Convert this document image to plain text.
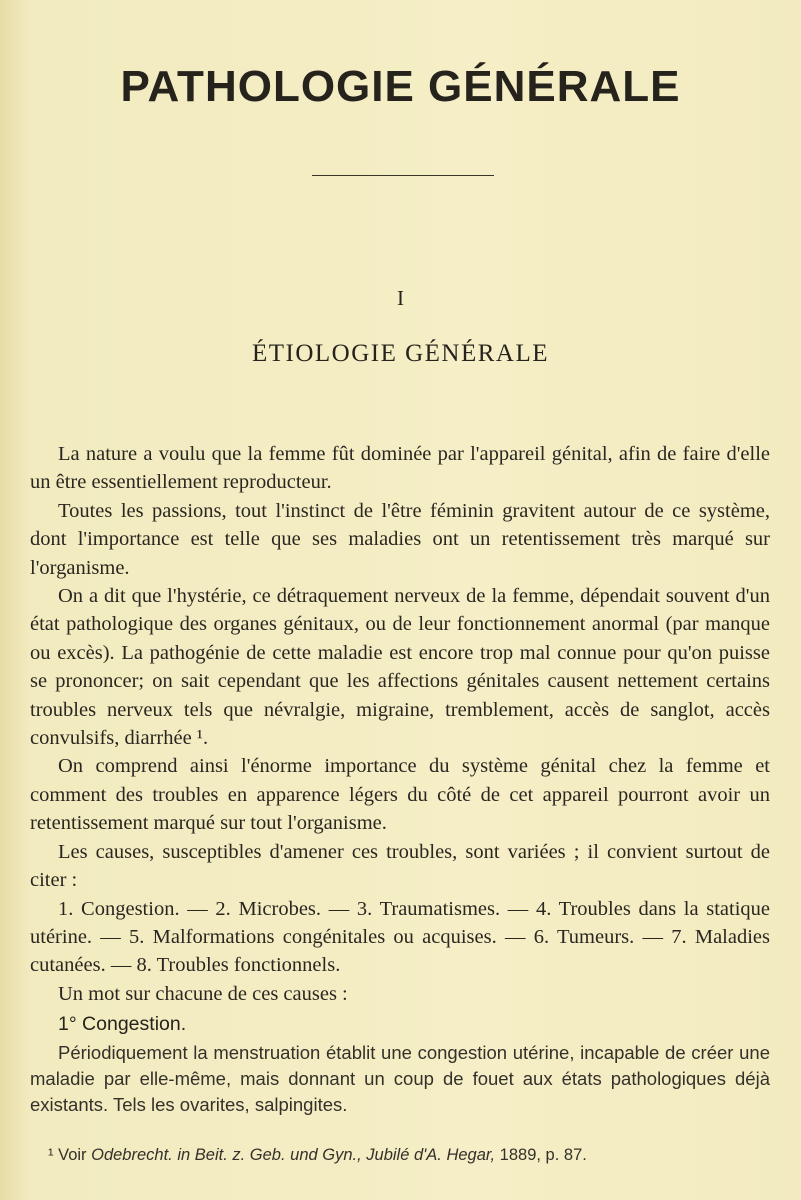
PATHOLOGIE GÉNÉRALE
I
ÉTIOLOGIE GÉNÉRALE

La nature a voulu que la femme fût dominée par l'appareil génital, afin de faire d'elle un être essentiellement reproducteur.

Toutes les passions, tout l'instinct de l'être féminin gravitent autour de ce système, dont l'importance est telle que ses maladies ont un retentissement très marqué sur l'organisme.

On a dit que l'hystérie, ce détraquement nerveux de la femme, dépendait souvent d'un état pathologique des organes génitaux, ou de leur fonctionnement anormal (par manque ou excès). La pathogénie de cette maladie est encore trop mal connue pour qu'on puisse se prononcer; on sait cependant que les affections génitales causent nettement certains troubles nerveux tels que névralgie, migraine, tremblement, accès de sanglot, accès convulsifs, diarrhée ¹.

On comprend ainsi l'énorme importance du système génital chez la femme et comment des troubles en apparence légers du côté de cet appareil pourront avoir un retentissement marqué sur tout l'organisme.

Les causes, susceptibles d'amener ces troubles, sont variées ; il convient surtout de citer :

1. Congestion. — 2. Microbes. — 3. Traumatismes. — 4. Troubles dans la statique utérine. — 5. Malformations congénitales ou acquises. — 6. Tumeurs. — 7. Maladies cutanées. — 8. Troubles fonctionnels.

Un mot sur chacune de ces causes :

1° Congestion.

Périodiquement la menstruation établit une congestion utérine, incapable de créer une maladie par elle-même, mais donnant un coup de fouet aux états pathologiques déjà existants. Tels les ovarites, salpingites.

¹ Voir Odebrecht. in Beit. z. Geb. und Gyn., Jubilé d'A. Hegar, 1889, p. 87.
